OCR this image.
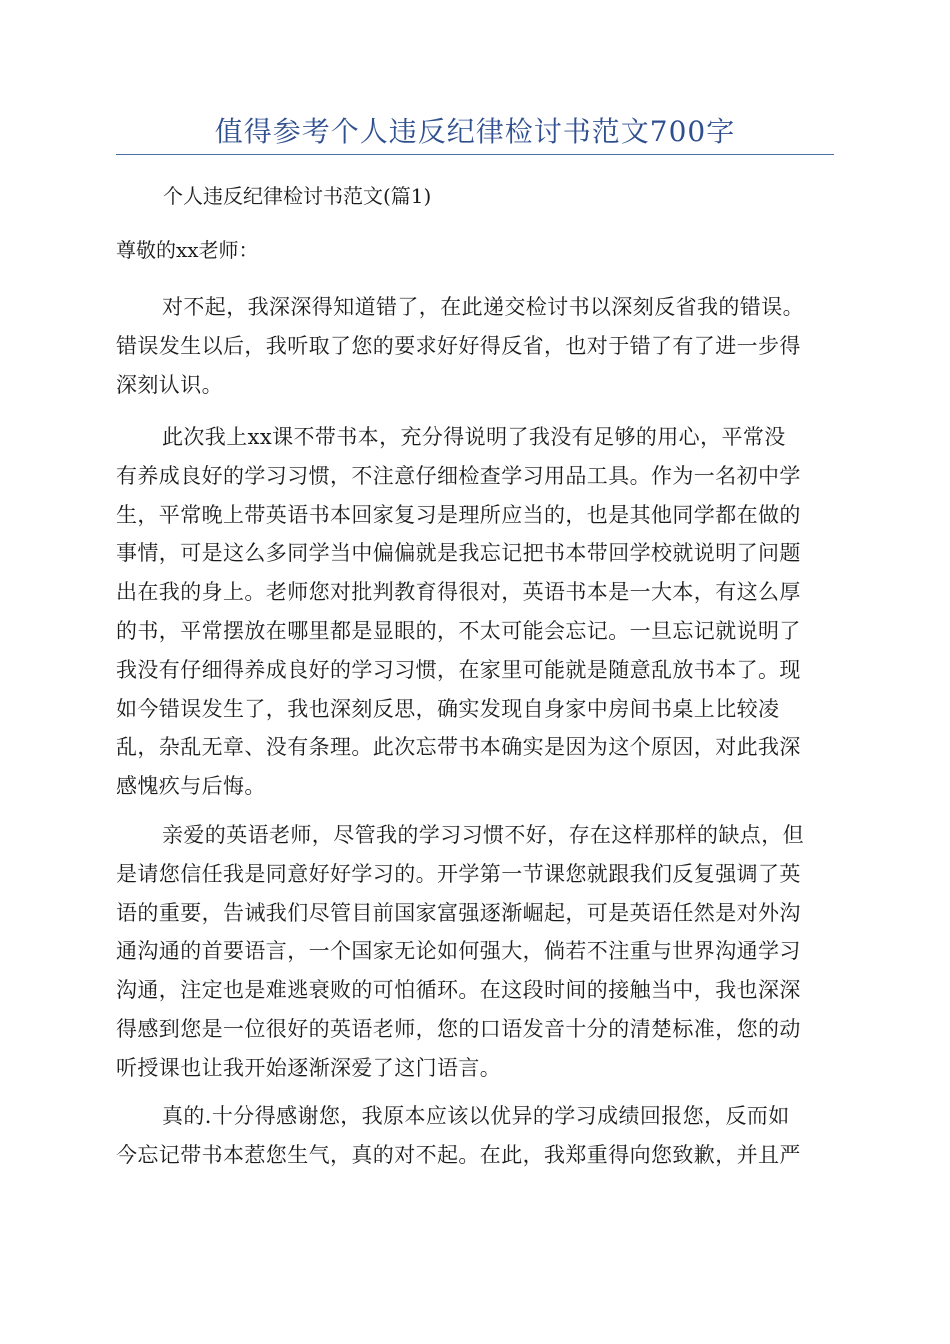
值得参考个人违反纪律检讨书范文700字
个人违反纪律检讨书范文(篇1)
尊敬的xx老师：
对不起，我深深得知道错了，在此递交检讨书以深刻反省我的错误。
错误发生以后，我听取了您的要求好好得反省，也对于错了有了进一步得
深刻认识。
此次我上xx课不带书本，充分得说明了我没有足够的用心，平常没
有养成良好的学习习惯，不注意仔细检查学习用品工具。作为一名初中学
生，平常晚上带英语书本回家复习是理所应当的，也是其他同学都在做的
事情，可是这么多同学当中偏偏就是我忘记把书本带回学校就说明了问题
出在我的身上。老师您对批判教育得很对，英语书本是一大本，有这么厚
的书，平常摆放在哪里都是显眼的，不太可能会忘记。一旦忘记就说明了
我没有仔细得养成良好的学习习惯，在家里可能就是随意乱放书本了。现
如今错误发生了，我也深刻反思，确实发现自身家中房间书桌上比较凌
乱，杂乱无章、没有条理。此次忘带书本确实是因为这个原因，对此我深
感愧疚与后悔。
亲爱的英语老师，尽管我的学习习惯不好，存在这样那样的缺点，但
是请您信任我是同意好好学习的。开学第一节课您就跟我们反复强调了英
语的重要，告诫我们尽管目前国家富强逐渐崛起，可是英语任然是对外沟
通沟通的首要语言，一个国家无论如何强大，倘若不注重与世界沟通学习
沟通，注定也是难逃衰败的可怕循环。在这段时间的接触当中，我也深深
得感到您是一位很好的英语老师，您的口语发音十分的清楚标准，您的动
听授课也让我开始逐渐深爱了这门语言。
真的.十分得感谢您，我原本应该以优异的学习成绩回报您，反而如
今忘记带书本惹您生气，真的对不起。在此，我郑重得向您致歉，并且严
